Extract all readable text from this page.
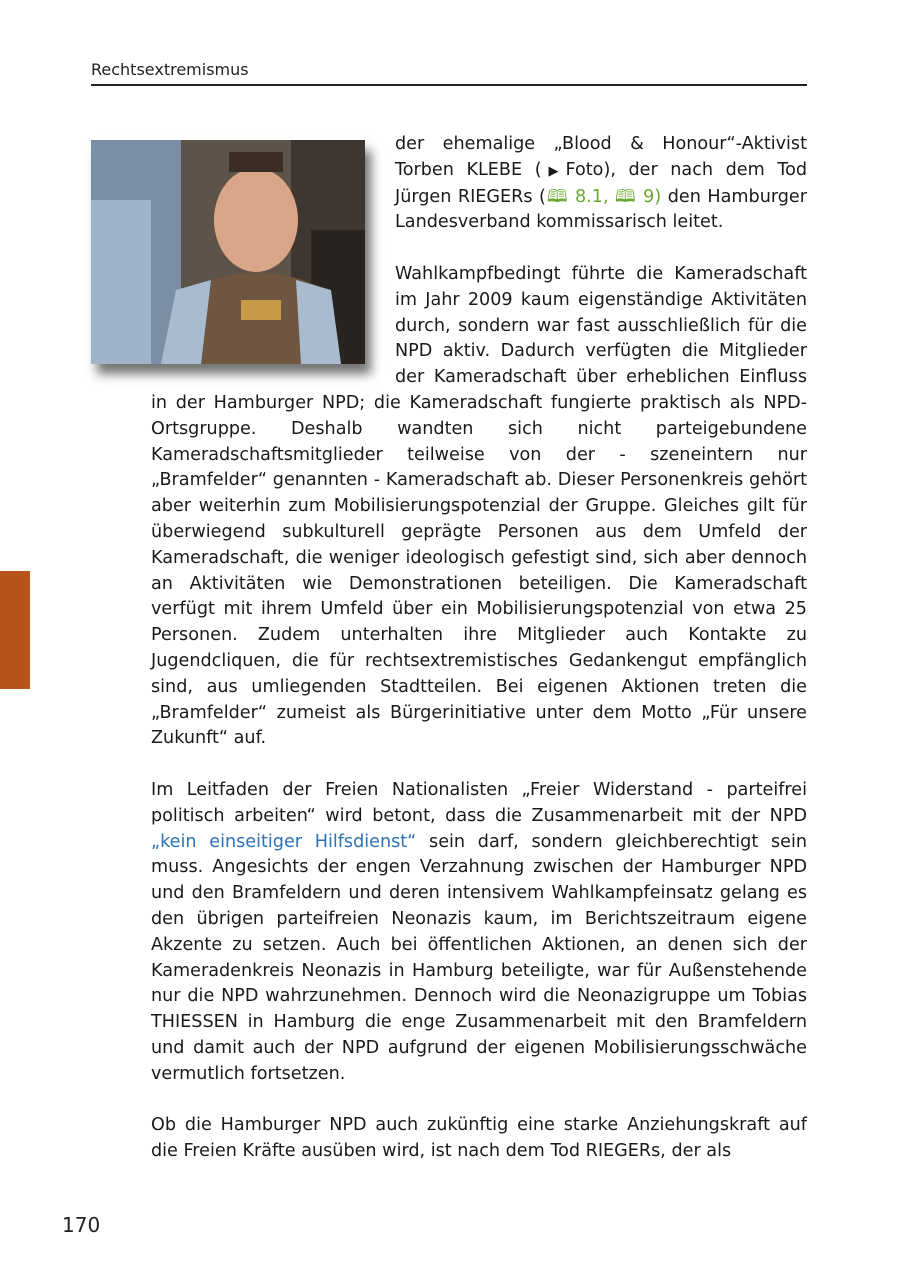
Rechtsextremismus

der ehemalige „Blood & Honour“-Aktivist Torben KLEBE (▶Foto), der nach dem Tod Jürgen RIEGERs (🕮 8.1, 🕮 9) den Hamburger Landesverband kommissarisch leitet.

Wahlkampfbedingt führte die Kameradschaft im Jahr 2009 kaum eigenständige Aktivitäten durch, sondern war fast ausschließlich für die NPD aktiv. Dadurch verfügten die Mitglieder der Kameradschaft über erheblichen Einfluss in der Hamburger NPD; die Kameradschaft fungierte praktisch als NPD-Ortsgruppe. Deshalb wandten sich nicht parteigebundene Kameradschaftsmitglieder teilweise von der - szeneintern nur „Bramfelder“ genannten - Kameradschaft ab. Dieser Personenkreis gehört aber weiterhin zum Mobilisierungspotenzial der Gruppe. Gleiches gilt für überwiegend subkulturell geprägte Personen aus dem Umfeld der Kameradschaft, die weniger ideologisch gefestigt sind, sich aber dennoch an Aktivitäten wie Demonstrationen beteiligen. Die Kameradschaft verfügt mit ihrem Umfeld über ein Mobilisierungspotenzial von etwa 25 Personen. Zudem unterhalten ihre Mitglieder auch Kontakte zu Jugendcliquen, die für rechtsextremistisches Gedankengut empfänglich sind, aus umliegenden Stadtteilen. Bei eigenen Aktionen treten die „Bramfelder“ zumeist als Bürgerinitiative unter dem Motto „Für unsere Zukunft“ auf.

Im Leitfaden der Freien Nationalisten „Freier Widerstand - parteifrei politisch arbeiten“ wird betont, dass die Zusammenarbeit mit der NPD „kein einseitiger Hilfsdienst“ sein darf, sondern gleichberechtigt sein muss. Angesichts der engen Verzahnung zwischen der Hamburger NPD und den Bramfeldern und deren intensivem Wahlkampfeinsatz gelang es den übrigen parteifreien Neonazis kaum, im Berichtszeitraum eigene Akzente zu setzen. Auch bei öffentlichen Aktionen, an denen sich der Kameradenkreis Neonazis in Hamburg beteiligte, war für Außenstehende nur die NPD wahrzunehmen. Dennoch wird die Neonazigruppe um Tobias THIESSEN in Hamburg die enge Zusammenarbeit mit den Bramfeldern und damit auch der NPD aufgrund der eigenen Mobilisierungsschwäche vermutlich fortsetzen.

Ob die Hamburger NPD auch zukünftig eine starke Anziehungskraft auf die Freien Kräfte ausüben wird, ist nach dem Tod RIEGERs, der als

170
